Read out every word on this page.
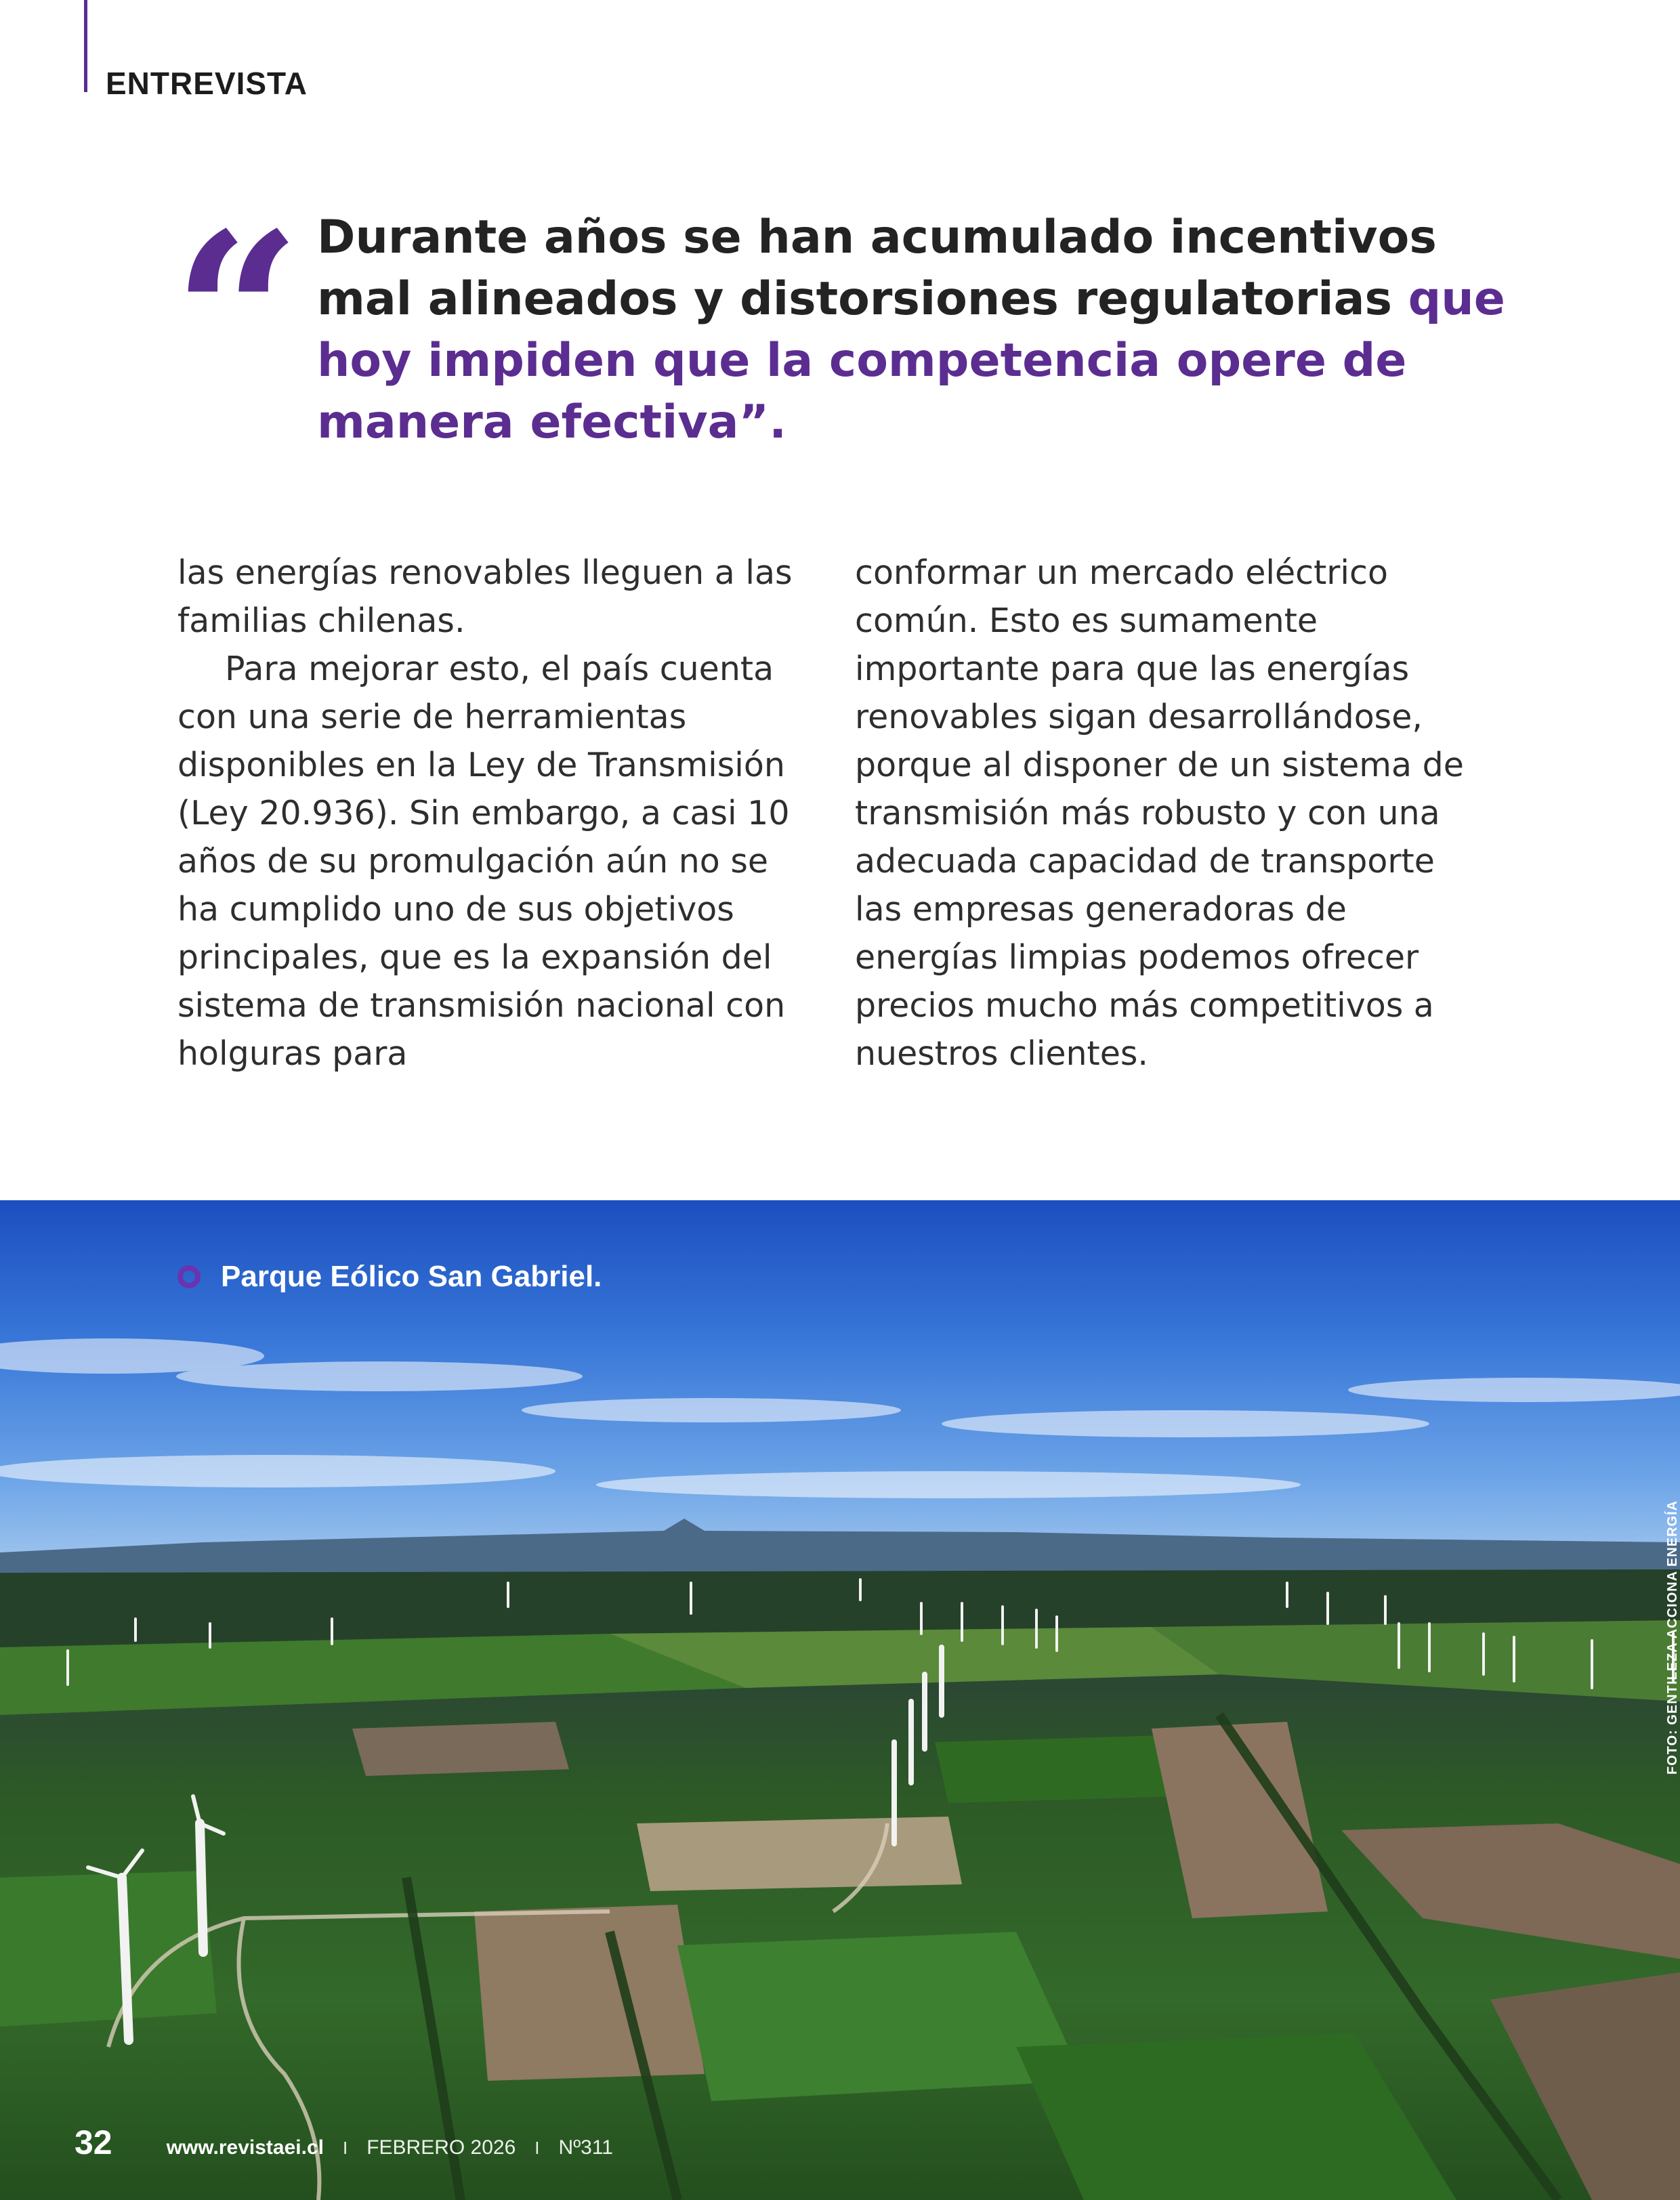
ENTREVISTA
“ Durante años se han acumulado incentivos mal alineados y distorsiones regulatorias que hoy impiden que la competencia opere de manera efectiva”.

las energías renovables lleguen a las familias chilenas.

Para mejorar esto, el país cuenta con una serie de herramientas disponibles en la Ley de Transmisión (Ley 20.936). Sin embargo, a casi 10 años de su promulgación aún no se ha cumplido uno de sus objetivos principales, que es la expansión del sistema de transmisión nacional con holguras para

conformar un mercado eléctrico común. Esto es sumamente importante para que las energías renovables sigan desarrollándose, porque al disponer de un sistema de transmisión más robusto y con una adecuada capacidad de transporte las empresas generadoras de energías limpias podemos ofrecer precios mucho más competitivos a nuestros clientes.

Parque Eólico San Gabriel.
FOTO: GENTILEZA ACCIONA ENERGÍA
32	www.revistaei.cl I FEBRERO 2026 I Nº311
